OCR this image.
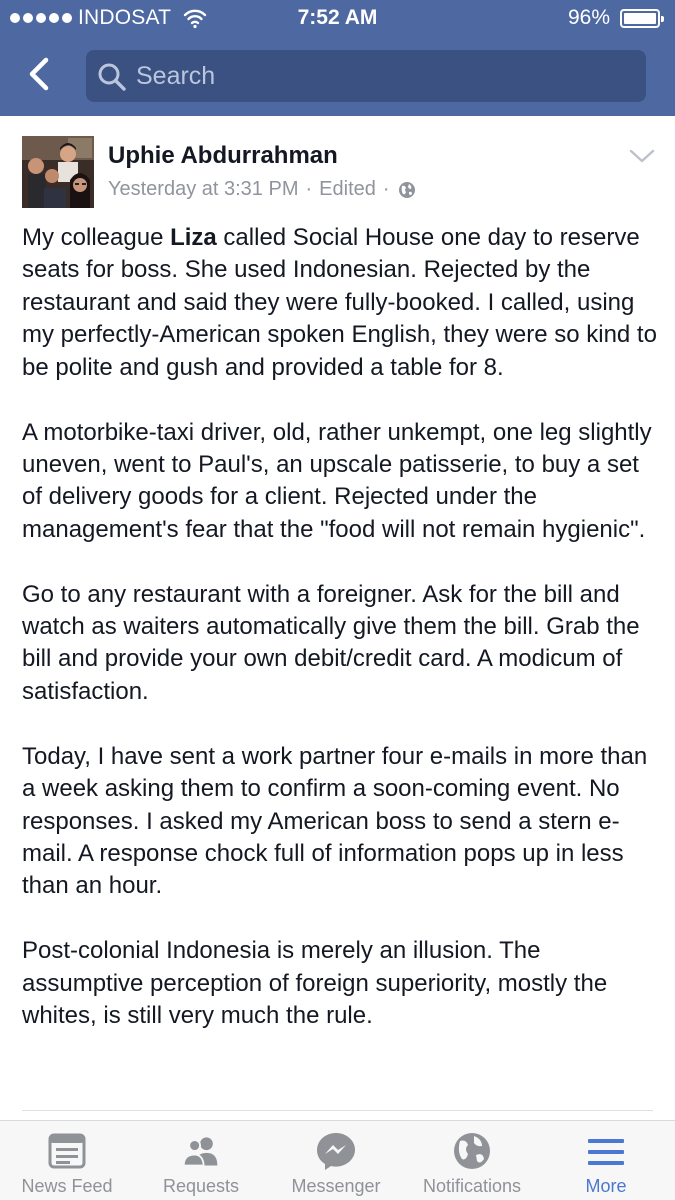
INDOSAT	7:52 AM	96%
Search
Uphie Abdurrahman
Yesterday at 3:31 PM · Edited ·

My colleague Liza called Social House one day to reserve seats for boss. She used Indonesian. Rejected by the restaurant and said they were fully-booked. I called, using my perfectly-American spoken English, they were so kind to be polite and gush and provided a table for 8.

A motorbike-taxi driver, old, rather unkempt, one leg slightly uneven, went to Paul's, an upscale patisserie, to buy a set of delivery goods for a client. Rejected under the management's fear that the "food will not remain hygienic".

Go to any restaurant with a foreigner. Ask for the bill and watch as waiters automatically give them the bill. Grab the bill and provide your own debit/credit card. A modicum of satisfaction.

Today, I have sent a work partner four e-mails in more than a week asking them to confirm a soon-coming event. No responses. I asked my American boss to send a stern e-mail. A response chock full of information pops up in less than an hour.

Post-colonial Indonesia is merely an illusion. The assumptive perception of foreign superiority, mostly the whites, is still very much the rule.

News Feed	Requests	Messenger	Notifications	More
